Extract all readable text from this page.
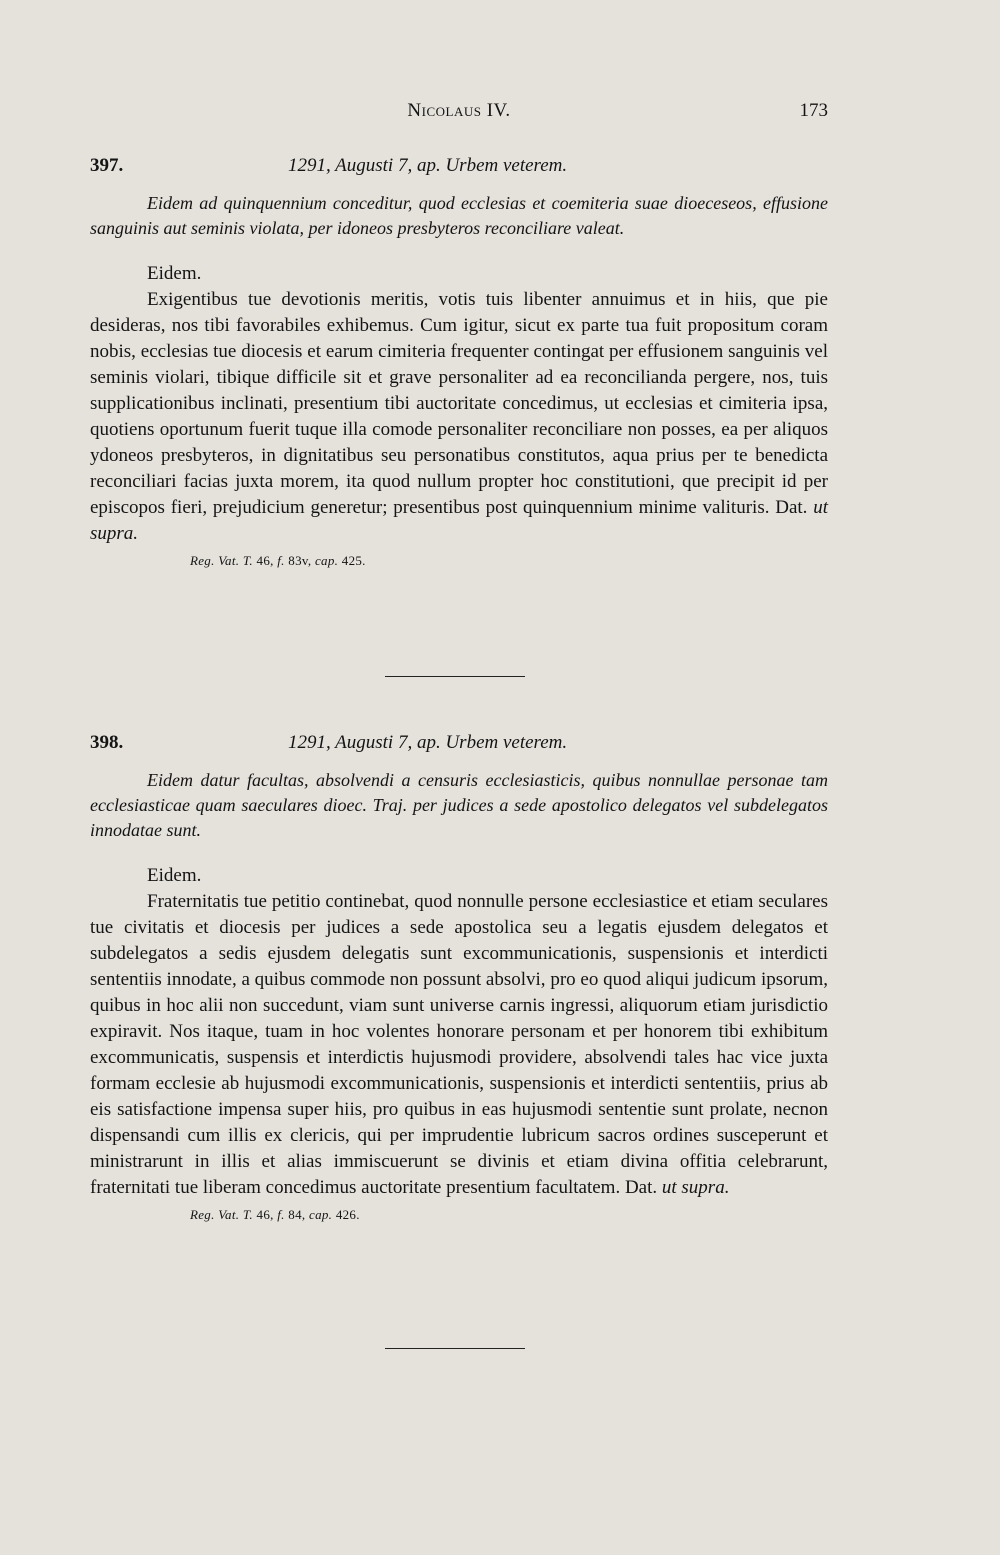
Nicolaus IV.	173
397.	1291, Augusti 7, ap. Urbem veterem.

Eidem ad quinquennium conceditur, quod ecclesias et coemiteria suae dioeceseos, effusione sanguinis aut seminis violata, per idoneos presbyteros reconciliare valeat.

Eidem.

Exigentibus tue devotionis meritis, votis tuis libenter annuimus et in hiis, que pie desideras, nos tibi favorabiles exhibemus. Cum igitur, sicut ex parte tua fuit propositum coram nobis, ecclesias tue diocesis et earum cimiteria frequenter contingat per effusionem sanguinis vel seminis violari, tibique difficile sit et grave personaliter ad ea reconcilianda pergere, nos, tuis supplicationibus inclinati, presentium tibi auctoritate concedimus, ut ecclesias et cimiteria ipsa, quotiens oportunum fuerit tuque illa comode personaliter reconciliare non posses, ea per aliquos ydoneos presbyteros, in dignitatibus seu personatibus constitutos, aqua prius per te benedicta reconciliari facias juxta morem, ita quod nullum propter hoc constitutioni, que precipit id per episcopos fieri, prejudicium generetur; presentibus post quinquennium minime valituris. Dat. ut supra.

Reg. Vat. T. 46, f. 83v, cap. 425.
398.	1291, Augusti 7, ap. Urbem veterem.

Eidem datur facultas, absolvendi a censuris ecclesiasticis, quibus nonnullae personae tam ecclesiasticae quam saeculares dioec. Traj. per judices a sede apostolico delegatos vel subdelegatos innodatae sunt.

Eidem.

Fraternitatis tue petitio continebat, quod nonnulle persone ecclesiastice et etiam seculares tue civitatis et diocesis per judices a sede apostolica seu a legatis ejusdem delegatos et subdelegatos a sedis ejusdem delegatis sunt excommunicationis, suspensionis et interdicti sententiis innodate, a quibus commode non possunt absolvi, pro eo quod aliqui judicum ipsorum, quibus in hoc alii non succedunt, viam sunt universe carnis ingressi, aliquorum etiam jurisdictio expiravit. Nos itaque, tuam in hoc volentes honorare personam et per honorem tibi exhibitum excommunicatis, suspensis et interdictis hujusmodi providere, absolvendi tales hac vice juxta formam ecclesie ab hujusmodi excommunicationis, suspensionis et interdicti sententiis, prius ab eis satisfactione impensa super hiis, pro quibus in eas hujusmodi sententie sunt prolate, necnon dispensandi cum illis ex clericis, qui per imprudentie lubricum sacros ordines susceperunt et ministrarunt in illis et alias immiscuerunt se divinis et etiam divina offitia celebrarunt, fraternitati tue liberam concedimus auctoritate presentium facultatem. Dat. ut supra.

Reg. Vat. T. 46, f. 84, cap. 426.
